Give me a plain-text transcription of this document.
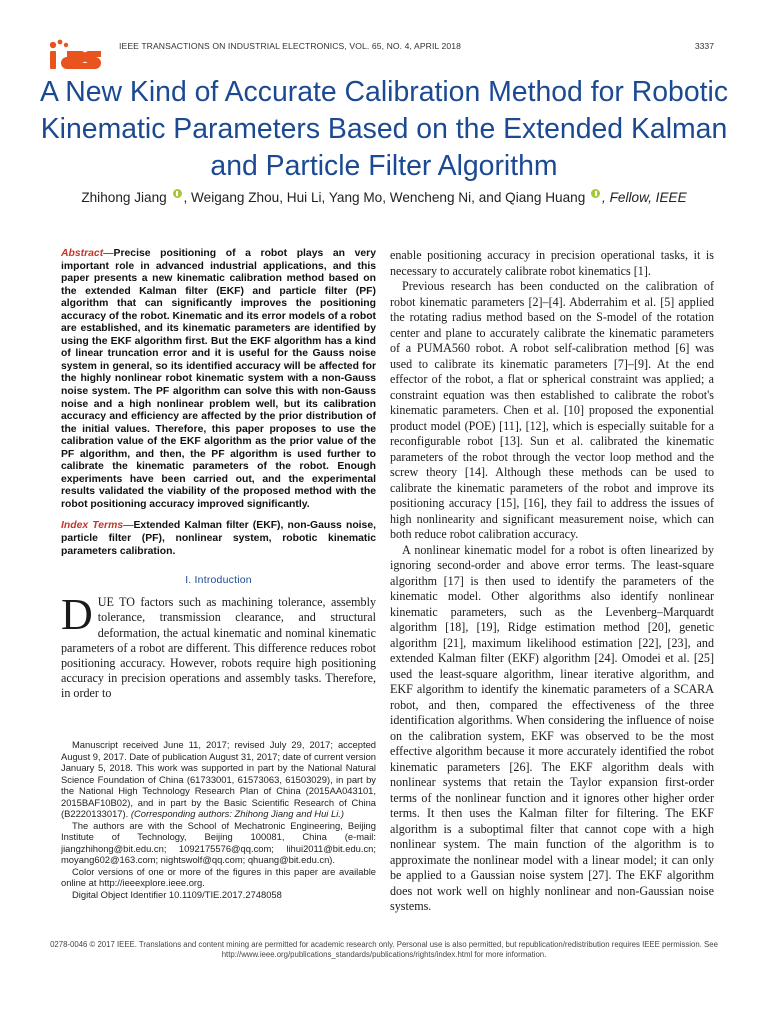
IEEE TRANSACTIONS ON INDUSTRIAL ELECTRONICS, VOL. 65, NO. 4, APRIL 2018	3337
A New Kind of Accurate Calibration Method for Robotic Kinematic Parameters Based on the Extended Kalman and Particle Filter Algorithm
Zhihong Jiang , Weigang Zhou, Hui Li, Yang Mo, Wencheng Ni, and Qiang Huang , Fellow, IEEE

Abstract—Precise positioning of a robot plays an very important role in advanced industrial applications, and this paper presents a new kinematic calibration method based on the extended Kalman filter (EKF) and particle filter (PF) algorithm that can significantly improves the positioning accuracy of the robot. Kinematic and its error models of a robot are established, and its kinematic parameters are identified by using the EKF algorithm first. But the EKF algorithm has a kind of linear truncation error and it is useful for the Gauss noise system in general, so its identified accuracy will be affected for the highly nonlinear robot kinematic system with a non-Gauss noise system. The PF algorithm can solve this with non-Gauss noise and a high nonlinear problem well, but its calibration accuracy and efficiency are affected by the prior distribution of the initial values. Therefore, this paper proposes to use the calibration value of the EKF algorithm as the prior value of the PF algorithm, and then, the PF algorithm is used further to calibrate the kinematic parameters of the robot. Enough experiments have been carried out, and the experimental results validated the viability of the proposed method with the robot positioning accuracy improved significantly.

Index Terms—Extended Kalman filter (EKF), non-Gauss noise, particle filter (PF), nonlinear system, robotic kinematic parameters calibration.

I. Introduction

DUE TO factors such as machining tolerance, assembly tolerance, transmission clearance, and structural deformation, the actual kinematic and nominal kinematic parameters of a robot are different. This difference reduces robot positioning accuracy. However, robots require high positioning accuracy in precision operations and assembly tasks. Therefore, in order to

Manuscript received June 11, 2017; revised July 29, 2017; accepted August 9, 2017. Date of publication August 31, 2017; date of current version January 5, 2018. This work was supported in part by the National Natural Science Foundation of China (61733001, 61573063, 61503029), in part by the National High Technology Research Plan of China (2015AA043101, 2015BAF10B02), and in part by the Basic Scientific Research of China (B2220133017). (Corresponding authors: Zhihong Jiang and Hui Li.)

The authors are with the School of Mechatronic Engineering, Beijing Institute of Technology, Beijing 100081, China (e-mail: jiangzhihong@bit.edu.cn; 1092175576@qq.com; lihui2011@bit.edu.cn; moyang602@163.com; nightswolf@qq.com; qhuang@bit.edu.cn).

Color versions of one or more of the figures in this paper are available online at http://ieeexplore.ieee.org.

Digital Object Identifier 10.1109/TIE.2017.2748058

enable positioning accuracy in precision operational tasks, it is necessary to accurately calibrate robot kinematics [1].

Previous research has been conducted on the calibration of robot kinematic parameters [2]–[4]. Abderrahim et al. [5] applied the rotating radius method based on the S-model of the rotation center and plane to accurately calibrate the kinematic parameters of a PUMA560 robot. A robot self-calibration method [6] was used to calibrate its kinematic parameters [7]–[9]. At the end effector of the robot, a flat or spherical constraint was applied; a constraint equation was then established to calibrate the robot's kinematic parameters. Chen et al. [10] proposed the exponential product model (POE) [11], [12], which is especially suitable for a reconfigurable robot [13]. Sun et al. calibrated the kinematic parameters of the robot through the vector loop method and the screw theory [14]. Although these methods can be used to calibrate the kinematic parameters of the robot and improve its positioning accuracy [15], [16], they fail to address the issues of high nonlinearity and significant measurement noise, which can both reduce robot calibration accuracy.

A nonlinear kinematic model for a robot is often linearized by ignoring second-order and above error terms. The least-square algorithm [17] is then used to identify the parameters of the kinematic model. Other algorithms also identify nonlinear kinematic parameters, such as the Levenberg–Marquardt algorithm [18], [19], Ridge estimation method [20], genetic algorithm [21], maximum likelihood estimation [22], [23], and extended Kalman filter (EKF) algorithm [24]. Omodei et al. [25] used the least-square algorithm, linear iterative algorithm, and EKF algorithm to identify the kinematic parameters of a SCARA robot, and then, compared the effectiveness of the three identification algorithms. When considering the influence of noise on the calibration system, EKF was observed to be the most effective algorithm because it more accurately identified the robot kinematic parameters [26]. The EKF algorithm deals with nonlinear systems that retain the Taylor expansion first-order terms of the nonlinear function and it ignores other higher order terms. It then uses the Kalman filter for filtering. The EKF algorithm is a suboptimal filter that cannot cope with a high nonlinear system. The main function of the algorithm is to approximate the nonlinear model with a linear model; it can only be applied to a Gaussian noise system [27]. The EKF algorithm does not work well on highly nonlinear and non-Gaussian noise systems.

0278-0046 © 2017 IEEE. Translations and content mining are permitted for academic research only. Personal use is also permitted, but republication/redistribution requires IEEE permission. See http://www.ieee.org/publications_standards/publications/rights/index.html for more information.
